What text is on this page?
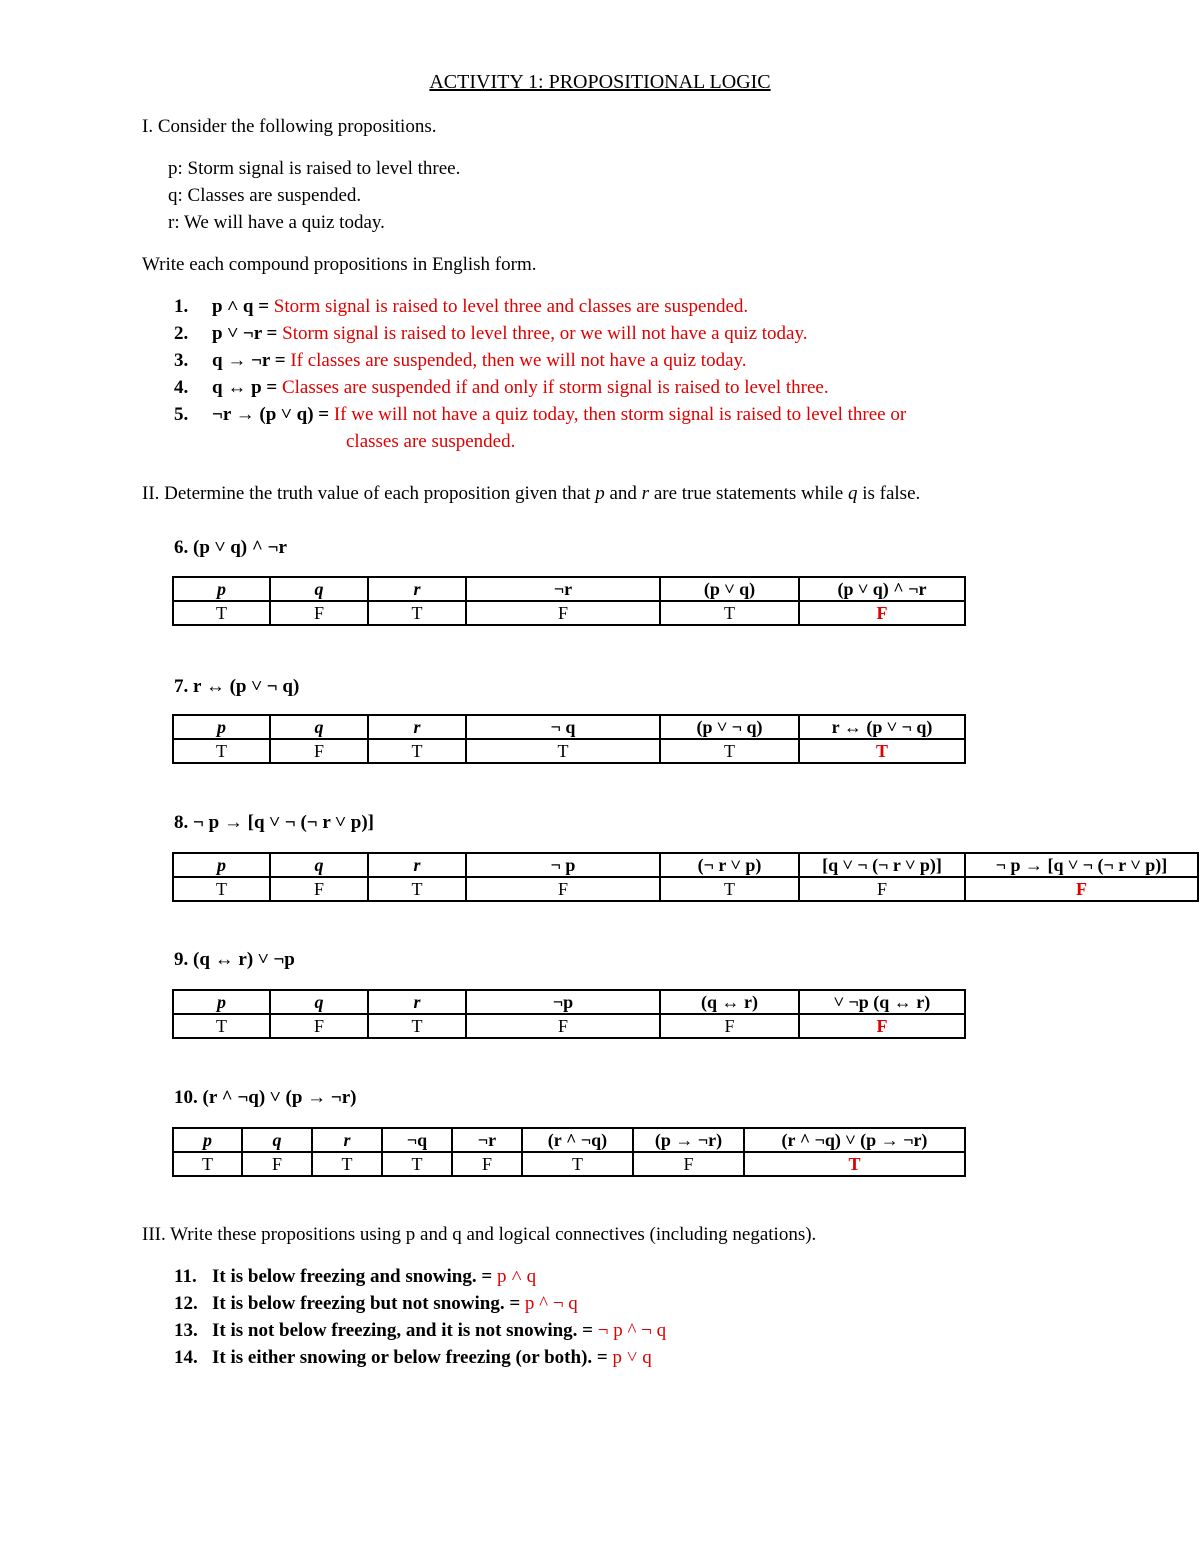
ACTIVITY 1: PROPOSITIONAL LOGIC
I. Consider the following propositions.
p: Storm signal is raised to level three.
q: Classes are suspended.
r: We will have a quiz today.
Write each compound propositions in English form.
1. p ˄ q = Storm signal is raised to level three and classes are suspended.
2. p ˅ ¬r = Storm signal is raised to level three, or we will not have a quiz today.
3. q → ¬r = If classes are suspended, then we will not have a quiz today.
4. q ↔ p = Classes are suspended if and only if storm signal is raised to level three.
5. ¬r → (p ˅ q) = If we will not have a quiz today, then storm signal is raised to level three or
classes are suspended.
II. Determine the truth value of each proposition given that p and r are true statements while q is false.
6. (p ˅ q) ^ ¬r
p	q	r	¬r	(p ˅ q)	(p ˅ q) ^ ¬r
T	F	T	F	T	F
7. r ↔ (p ˅ ¬ q)
p	q	r	¬ q	(p ˅ ¬ q)	r ↔ (p ˅ ¬ q)
T	F	T	T	T	T
8. ¬ p → [q ˅ ¬ (¬ r ˅ p)]
p	q	r	¬ p	(¬ r ˅ p)	[q ˅ ¬ (¬ r ˅ p)]	¬ p → [q ˅ ¬ (¬ r ˅ p)]
T	F	T	F	T	F	F
9. (q ↔ r) ˅ ¬p
p	q	r	¬p	(q ↔ r)	˅ ¬p (q ↔ r)
T	F	T	F	F	F
10. (r ^ ¬q) ˅ (p → ¬r)
p	q	r	¬q	¬r	(r ^ ¬q)	(p → ¬r)	(r ^ ¬q) ˅ (p → ¬r)
T	F	T	T	F	T	F	T
III. Write these propositions using p and q and logical connectives (including negations).
11. It is below freezing and snowing. = p ˄ q
12. It is below freezing but not snowing. = p ^ ¬ q
13. It is not below freezing, and it is not snowing. = ¬ p ^ ¬ q
14. It is either snowing or below freezing (or both). = p ˅ q
